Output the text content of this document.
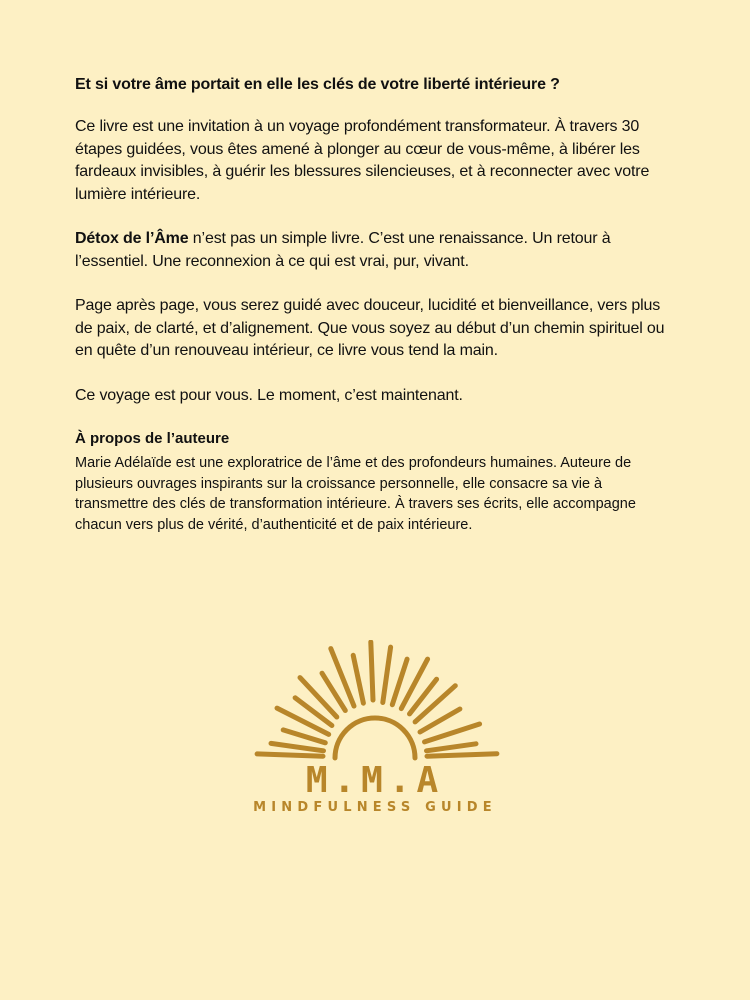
Et si votre âme portait en elle les clés de votre liberté intérieure ?

Ce livre est une invitation à un voyage profondément transformateur. À travers 30 étapes guidées, vous êtes amené à plonger au cœur de vous-même, à libérer les fardeaux invisibles, à guérir les blessures silencieuses, et à reconnecter avec votre lumière intérieure.

Détox de l’Âme n’est pas un simple livre. C’est une renaissance. Un retour à l’essentiel. Une reconnexion à ce qui est vrai, pur, vivant.

Page après page, vous serez guidé avec douceur, lucidité et bienveillance, vers plus de paix, de clarté, et d’alignement. Que vous soyez au début d’un chemin spirituel ou en quête d’un renouveau intérieur, ce livre vous tend la main.

Ce voyage est pour vous. Le moment, c’est maintenant.

À propos de l’auteure

Marie Adélaïde est une exploratrice de l’âme et des profondeurs humaines. Auteure de plusieurs ouvrages inspirants sur la croissance personnelle, elle consacre sa vie à transmettre des clés de transformation intérieure. À travers ses écrits, elle accompagne chacun vers plus de vérité, d’authenticité et de paix intérieure.

M.M.A
MINDFULNESS GUIDE
